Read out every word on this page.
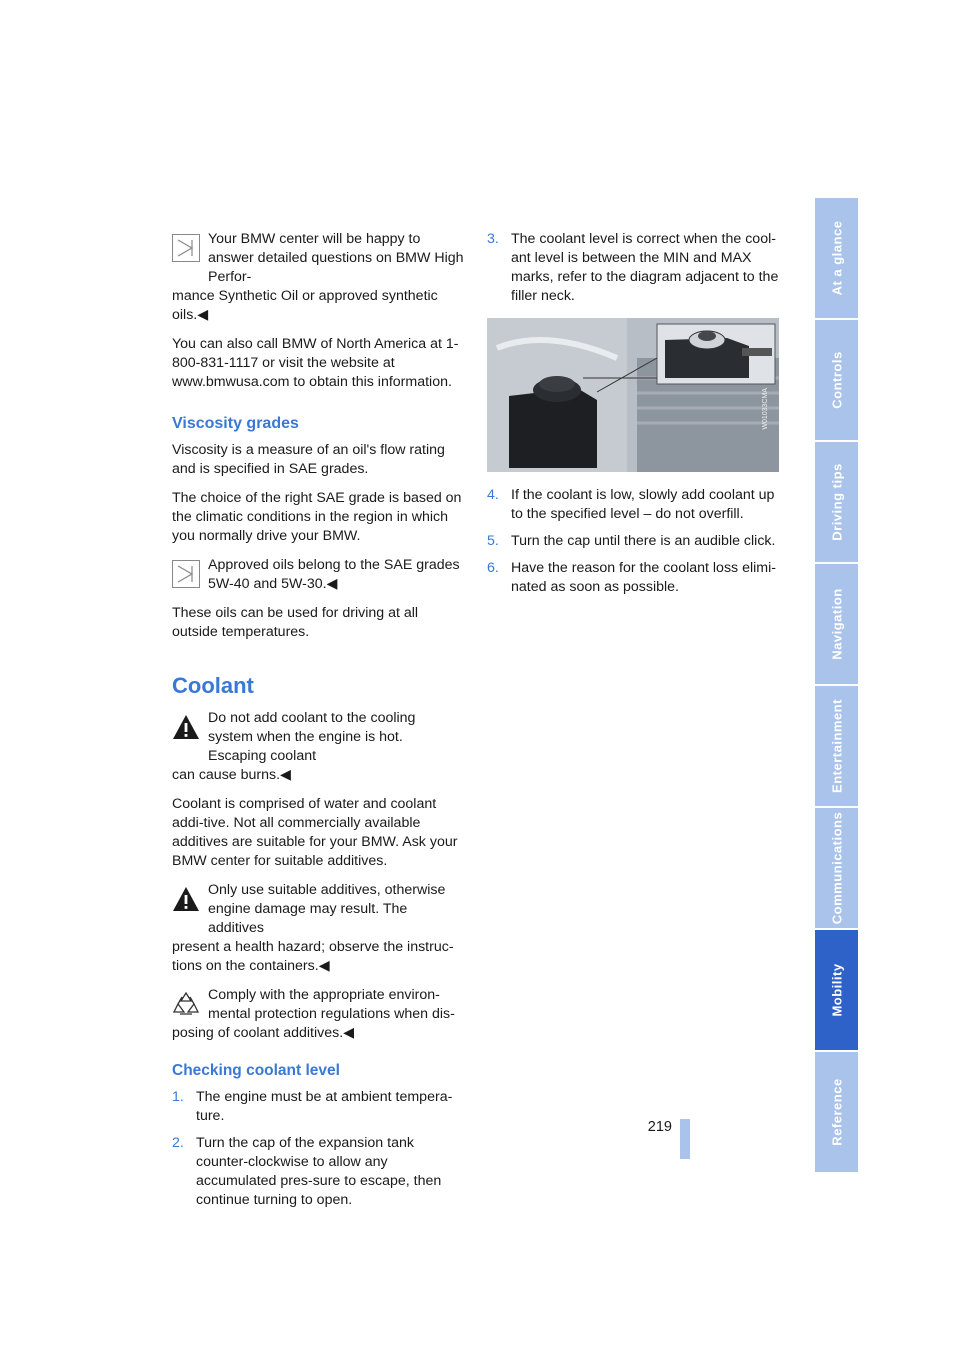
Your BMW center will be happy to answer detailed questions on BMW High Perfor-
mance Synthetic Oil or approved synthetic oils.◀

You can also call BMW of North America at 1-800-831-1117 or visit the website at www.bmwusa.com to obtain this information.

Viscosity grades

Viscosity is a measure of an oil's flow rating and is specified in SAE grades.

The choice of the right SAE grade is based on the climatic conditions in the region in which you normally drive your BMW.

Approved oils belong to the SAE grades 5W-40 and 5W-30.◀

These oils can be used for driving at all outside temperatures.

Coolant
Do not add coolant to the cooling system when the engine is hot. Escaping coolant
can cause burns.◀

Coolant is comprised of water and coolant addi-tive. Not all commercially available additives are suitable for your BMW. Ask your BMW center for suitable additives.

Only use suitable additives, otherwise engine damage may result. The additives
present a health hazard; observe the instruc-tions on the containers.◀
Comply with the appropriate environ-mental protection regulations when dis-
posing of coolant additives.◀
Checking coolant level
1. The engine must be at ambient tempera-ture.
2. Turn the cap of the expansion tank counter-clockwise to allow any accumulated pres-sure to escape, then continue turning to open.
3. The coolant level is correct when the cool-ant level is between the MIN and MAX marks, refer to the diagram adjacent to the filler neck.
W01033CMA
4. If the coolant is low, slowly add coolant up to the specified level – do not overfill.
5. Turn the cap until there is an audible click.
6. Have the reason for the coolant loss elimi-nated as soon as possible.
At a glance
Controls
Driving tips
Navigation
Entertainment
Communications
Mobility
Reference
219
